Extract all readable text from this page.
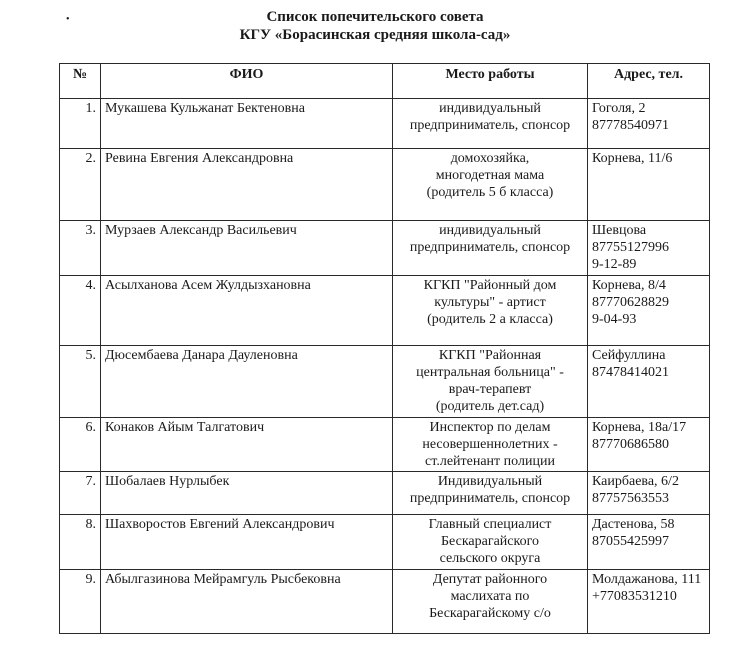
•	Список попечительского совета
КГУ «Борасинская средняя школа-сад»
№	ФИО	Место работы	Адрес, тел.
1.	Мукашева Кульжанат Бектеновна	индивидуальный
предприниматель, спонсор	Гоголя, 2
87778540971

2.	Ревина Евгения Александровна	домохозяйка,
многодетная мама
(родитель 5 б класса)	Корнева, 11/6

3.	Мурзаев Александр Васильевич	индивидуальный
предприниматель, спонсор	Шевцова
87755127996
9-12-89

4.	Асылханова Асем Жулдызхановна	КГКП "Районный дом
культуры" - артист
(родитель 2 а класса)	Корнева, 8/4
87770628829
9-04-93

5.	Дюсембаева Данара Дауленовна	КГКП "Районная
центральная больница" -
врач-терапевт
(родитель дет.сад)	Сейфуллина
87478414021

6.	Конаков Айым Талгатович	Инспектор по делам
несовершеннолетних -
ст.лейтенант полиции	Корнева, 18а/17
87770686580

7.	Шобалаев Нурлыбек	Индивидуальный
предприниматель, спонсор	Каирбаева, 6/2
87757563553

8.	Шахворостов Евгений Александрович	Главный специалист
Бескарагайского
сельского округа	Дастенова, 58
87055425997

9.	Абылгазинова Мейрамгуль Рысбековна	Депутат районного
маслихата по
Бескарагайскому с/о	Молдажанова, 111
+77083531210
